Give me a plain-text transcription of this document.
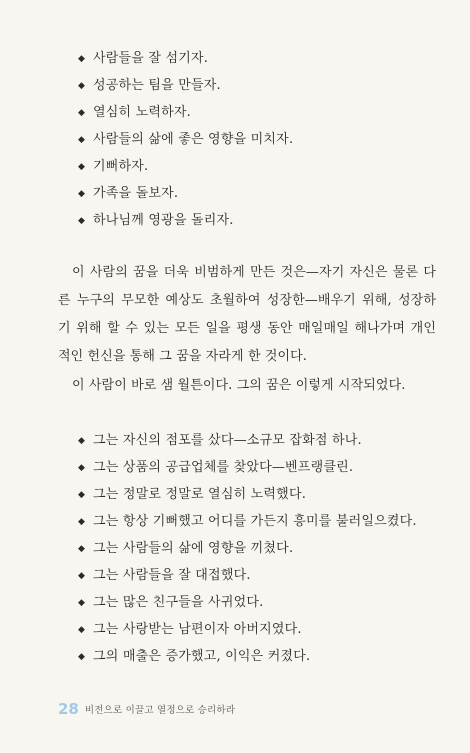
◆ 사람들을 잘 섬기자.
◆ 성공하는 팀을 만들자.
◆ 열심히 노력하자.
◆ 사람들의 삶에 좋은 영향을 미치자.
◆ 기뻐하자.
◆ 가족을 돌보자.
◆ 하나님께 영광을 돌리자.

이 사람의 꿈을 더욱 비범하게 만든 것은—자기 자신은 물론 다
른 누구의 무모한 예상도 초월하여 성장한—배우기 위해, 성장하
기 위해 할 수 있는 모든 일을 평생 동안 매일매일 해나가며 개인
적인 헌신을 통해 그 꿈을 자라게 한 것이다.

이 사람이 바로 샘 월튼이다. 그의 꿈은 이렇게 시작되었다.

◆ 그는 자신의 점포를 샀다—소규모 잡화점 하나.
◆ 그는 상품의 공급업체를 찾았다—벤프랭클린.
◆ 그는 정말로 정말로 열심히 노력했다.
◆ 그는 항상 기뻐했고 어디를 가든지 흥미를 불러일으켰다.
◆ 그는 사람들의 삶에 영향을 끼쳤다.
◆ 그는 사람들을 잘 대접했다.
◆ 그는 많은 친구들을 사귀었다.
◆ 그는 사랑받는 남편이자 아버지였다.
◆ 그의 매출은 증가했고, 이익은 커졌다.
28 비전으로 이끌고 열정으로 승리하라
